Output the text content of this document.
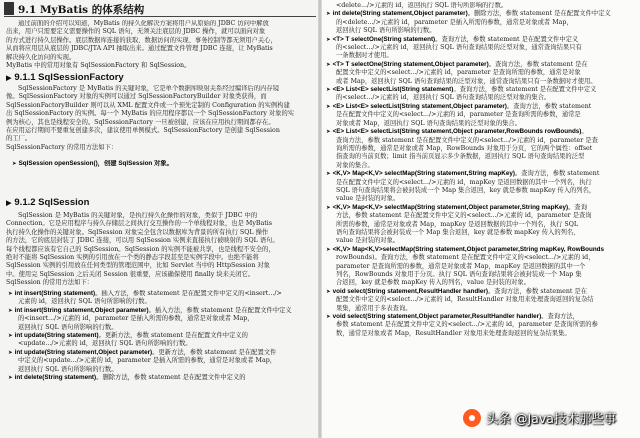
9.1 MyBatis 的体系结构
通过前面的介绍可以知道，MyBatis 的持久化解决方案将用户从原始的 JDBC 访问中解放
出来，用户只需要定义需要操作的 SQL 语句，无须关注底层的 JDBC 操作，就可以面向对象
的方式进行持久层操作。底层数据库连接的获取、数据访问的实现、事务控制等都无须用户关心，
从而将应用层从底层的 JDBC/JTA API 抽取出来。通过配置文件管理 JDBC 连接，让 MyBatis
解决持久化访问的实现。
MyBatis 中的常用对象有 SqlSessionFactory 和 SqlSession。
▶ 9.1.1 SqlSessionFactory
SqlSessionFactory 是 MyBatis 的关键对象，它是单个数据库映射关系经过编译后的内存镜
像。SqlSessionFactory 对象的实例可以通过 SqlSessionFactoryBuilder 对象类获得，而
SqlSessionFactoryBuilder 则可以从 XML 配置文件或一个预先定制的 Configuration 的实例构建
出 SqlSessionFactory 的实例。每一个 MyBatis 的应用程序都以一个 SqlSessionFactory 对象的实
例为核心，其也是线程安全的。SqlSessionFactory 一旦被创建，应该在应用执行期间都存在。
在应用运行期间不要重复创建多次，建议使用单例模式。SqlSessionFactory 是创建 SqlSession
的工厂。
SqlSessionFactory 的常用方法如下：
➤ SqlSession openSession()，创建 SqlSession 对象。
▶ 9.1.2 SqlSession
SqlSession 是 MyBatis 的关键对象，是执行持久化操作的对象，类似于 JDBC 中的
Connection。它是应用程序与持久存储层之间执行交互操作的一个单线程对象，也是 MyBatis
执行持久化操作的关键对象。SqlSession 对象完全包含以数据库为背景的所有执行 SQL 操作
的方法，它的底层封装了 JDBC 连接，可以用 SqlSession 实例来直接执行被映射的 SQL 语句。
每个线程都应该有它自己的 SqlSession。SqlSession 的实例不能被共享，也是线程不安全的，
绝对不能将 SqlSession 实例的引用放在一个类的静态字段甚至是实例字段中。也绝不能将
SqlSession 实例的引用放在任何类型的管理范围中，比如 Servlet 当中的 HttpSession 对象
中。使用完 SqlSession 之后关闭 Session 很重要，应该确保使用 finally 块来关闭它。
SqlSession 的常用方法如下：
➤ int insert(String statement)。插入方法，参数 statement 是在配置文件中定义的<insert.../>
元素的 id，返回执行 SQL 语句所影响的行数。
➤ int insert(String statement,Object parameter)。插入方法，参数 statement 是在配置文件中定义
的<insert.../>元素的 id，parameter 是插入所需的参数，通常是对象或者 Map，
返回执行 SQL 语句所影响的行数。
➤ int update(String statement)。更新方法，参数 statement 是在配置文件中定义的
<update.../>元素的 id，返回执行 SQL 语句所影响的行数。
➤ int update(String statement,Object parameter)。更新方法，参数 statement 是在配置文件
中定义的<update.../>元素的 id，parameter 是插入所需的参数，通常是对象或者 Map，
返回执行 SQL 语句所影响的行数。
➤ int delete(String statement)。删除方法，参数 statement 是在配置文件中定义的
<delete.../>元素的 id，返回执行 SQL 语句所影响的行数。
➤ int delete(String statement,Object parameter)。删除方法，参数 statement 是在配置文件中定义
的<delete.../>元素的 id，parameter 是插入所需的参数，通常是对象或者 Map，
返回执行 SQL 语句所影响的行数。
➤ <T> T selectOne(String statement)。查询方法，参数 statement 是在配置文件中定义
的<select.../>元素的 id，返回执行 SQL 语句查询结果的泛型对象，通常查询结果只有
一条数据时才使用。
➤ <T> T selectOne(String statement,Object parameter)。查询方法，参数 statement 是在
配置文件中定义的<select.../>元素的 id，parameter 是查询所需的参数，通常是对象
或者 Map，返回执行 SQL 语句查询结果的泛型对象，通常查询结果只有一条数据时才使用。
➤ <E> List<E> selectList(String statement)。查询方法，参数 statement 是在配置文件中定义
的<select.../>元素的 id，返回执行 SQL 语句查询结果的泛型对象的集合。
➤ <E> List<E> selectList(String statement,Object parameter)。查询方法，参数 statement
是在配置文件中定义的<select.../>元素的 id，parameter 是查询所需的参数，通常是
对象或者 Map，返回执行 SQL 语句查询结果的泛型对象的集合。
➤ <E> List<E> selectList(String statement,Object parameter,RowBounds rowBounds)。
查询方法，参数 statement 是在配置文件中定义的<select.../>元素的 id，parameter 是查
询所需的参数，通常是对象或者 Map，RowBounds 对象用于分页，它的两个属性：offset
指查询的当前页数；limit 指当前页显示多少条数据，返回执行 SQL 语句查询结果的泛型
对象的集合。
➤ <K,V> Map<K,V> selectMap(String statement,String mapKey)。查询方法，参数 statement
是在配置文件中定义的<select.../>元素的 id，mapKey 是返回数据的其中一个列名，执行
SQL 语句查询结果将会被封装成一个 Map 集合返回，key 就是参数 mapKey 传入的列名，
value 是封装的对象。
➤ <K,V> Map<K,V> selectMap(String statement,Object parameter,String mapKey)。查询
方法，参数 statement 是在配置文件中定义的<select.../>元素的 id，parameter 是查询
所需的参数，通常是对象或者 Map，mapKey 是返回数据的其中一个列名，执行 SQL
语句查询结果将会被封装成一个 Map 集合返回，key 就是参数 mapKey 传入的列名，
value 是封装的对象。
➤ <K,V> Map<K,V>selectMap(String statement,Object parameter,String mapKey, RowBounds
rowBounds)。查询方法，参数 statement 是在配置文件中定义的<select.../>元素的 id，
parameter 是查询所需的参数，通常是对象或者 Map，mapKey 是返回数据的其中一个
列名，RowBounds 对象用于分页。执行 SQL 语句查询结果将会被封装成一个 Map 集
合返回，key 就是参数 mapKey 传入的列名，value 是封装的对象。
➤ void select(String statement,ResultHandler handler)。查询方法，参数 statement 是在
配置文件中定义的<select.../>元素的 id，ResultHandler 对象用来处理查询返回的复杂结
果集，通常用于多表查询。
➤ void select(String statement,Object parameter,ResultHandler handler)。查询方法，
参数 statement 是在配置文件中定义的<select.../>元素的 id，parameter 是查询所需的参
数，通常是对象或者 Map，ResultHandler 对象用来处理查询返回的复杂结果集。
头条 @Java技术那些事
